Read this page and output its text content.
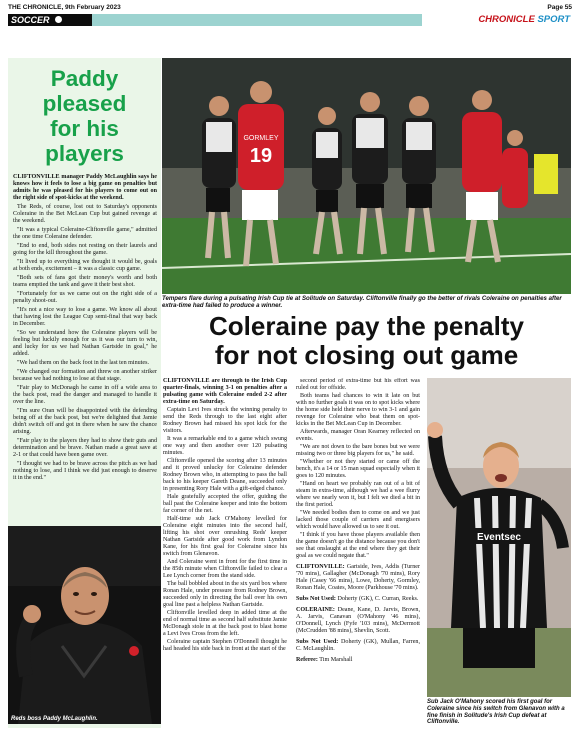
THE CHRONICLE, 9th February 2023	Page 55
SOCCER	CHRONICLE SPORT
Paddy
pleased
for his
players

CLIFTONVILLE manager Paddy McLaughlin says he knows how it feels to lose a big game on penalties but admits he was pleased for his players to come out on the right side of spot-kicks at the weekend.

The Reds, of course, lost out to Saturday's opponents Coleraine in the Bet McLean Cup but gained revenge at the weekend.

"It was a typical Coleraine-Cliftonville game," admitted the one time Coleraine defender.

"End to end, both sides not resting on their laurels and going for the kill throughout the game.

"It lived up to everything we thought it would be, goals at both ends, excitement – it was a classic cup game.

"Both sets of fans got their money's worth and both teams emptied the tank and gave it their best shot.

"Fortunately for us we came out on the right side of a penalty shoot-out.

"It's not a nice way to lose a game. We know all about that having lost the League Cup semi-final that way back in December.

"So we understand how the Coleraine players will be feeling but luckily enough for us it was our turn to win, and lucky for us we had Nathan Gartside in goal," he added.

"We had them on the back foot in the last ten minutes.

"We changed our formation and threw on another striker because we had nothing to lose at that stage.

"Fair play to McDonagh he came in off a wide area to the back post, read the danger and managed to handle it over the line.

"I'm sure Oran will be disappointed with the defending being off at the back post, but we're delighted that Jamie didn't switch off and got in there when he saw the chance arising.

"Fair play to the players they had to show their guts and determination and be brave. Nathan made a great save at 2-1 or that could have been game over.

"I thought we had to be brave across the pitch as we had nothing to lose, and I think we did just enough to deserve it in the end."

Reds boss Paddy McLaughlin.
GORMLEY
19
Tempers flare during a pulsating Irish Cup tie at Solitude on Saturday. Cliftonville finally go the better of rivals Coleraine on penalties after extra-time had failed to produce a winner.
Coleraine pay the penalty
for not closing out game

CLIFTONVILLE are through to the Irish Cup quarter-finals, winning 3-1 on penalties after a pulsating game with Coleraine ended 2-2 after extra-time on Saturday.

Captain Levi Ives struck the winning penalty to send the Reds through to the last eight after Rodney Brown had missed his spot kick for the visitors.

It was a remarkable end to a game which swung one way and then another over 120 pulsating minutes.

Cliftonville opened the scoring after 13 minutes and it proved unlucky for Coleraine defender Rodney Brown who, in attempting to pass the ball back to his keeper Gareth Deane, succeeded only in presenting Rory Hale with a gift-edged chance.

Hale gratefully accepted the offer, guiding the ball past the Coleraine keeper and into the bottom far corner of the net.

Half-time sub Jack O'Mahony levelled for Coleraine eight minutes into the second half, lifting his shot over onrushing Reds' keeper Nathan Gartside after good work from Lyndon Kane, for his first goal for Coleraine since his switch from Glenavon.

And Coleraine went in front for the first time in the 85th minute when Cliftonville failed to clear a Lee Lynch corner from the stand side.

The ball bobbled about in the six yard box where Ronan Hale, under pressure from Rodney Brown, succeeded only in directing the ball over his own goal line past a helpless Nathan Gartside.

Cliftonville levelled deep in added time at the end of normal time as second half substitute Jamie McDonagh stole in at the back post to blast home a Levi Ives Cross from the left.

Coleraine captain Stephen O'Donnell thought he had headed his side back in front at the start of the

second period of extra-time but his effort was ruled out for offside.

Both teams had chances to win it late on but with no further goals it was on to spot kicks where the home side held their nerve to win 3-1 and gain revenge for Coleraine who beat them on spot-kicks in the Bet McLean Cup in December.

Afterwards, manager Oran Kearney reflected on events.

"We are not down to the bare bones but we were missing two or three big players for us," he said.

"Whether or not they started or came off the bench, it's a 14 or 15 man squad especially when it goes to 120 minutes.

"Hand on heart we probably ran out of a bit of steam in extra-time, although we had a wee flurry where we nearly won it, but I felt we died a bit in the first period.

"We needed bodies then to come on and we just lacked those couple of carriers and energisers which would have allowed us to see it out.

"I think if you have those players available then the game doesn't go the distance because you don't see that onslaught at the end where they get their goal as we could negate that."

CLIFTONVILLE: Gartside, Ives, Addis (Turner '70 mins), Gallagher (McDonagh '70 mins), Rory Hale (Casey '66 mins), Lowe, Doherty, Gormley, Ronan Hale, Coates, Moore (Parkhouse '70 mins).

Subs Not Used: Doherty (GK), C. Curran, Reeks.

COLERAINE: Deane, Kane, D. Jarvis, Brown, A. Jarvis, Canavan (O'Mahony '46 mins), O'Donnell, Lynch (Fyfe '103 mins), McDermott (McCrudden '88 mins), Shevlin, Scott.

Subs Not Used: Doherty (GK), Mullan, Farren, C. McLaughlin.

Referee: Tim Marshall

Eventsec
Sub Jack O'Mahony scored his first goal for Coleraine since his switch from Glenavon with a fine finish in Solitude's Irish Cup defeat at Cliftonville.
